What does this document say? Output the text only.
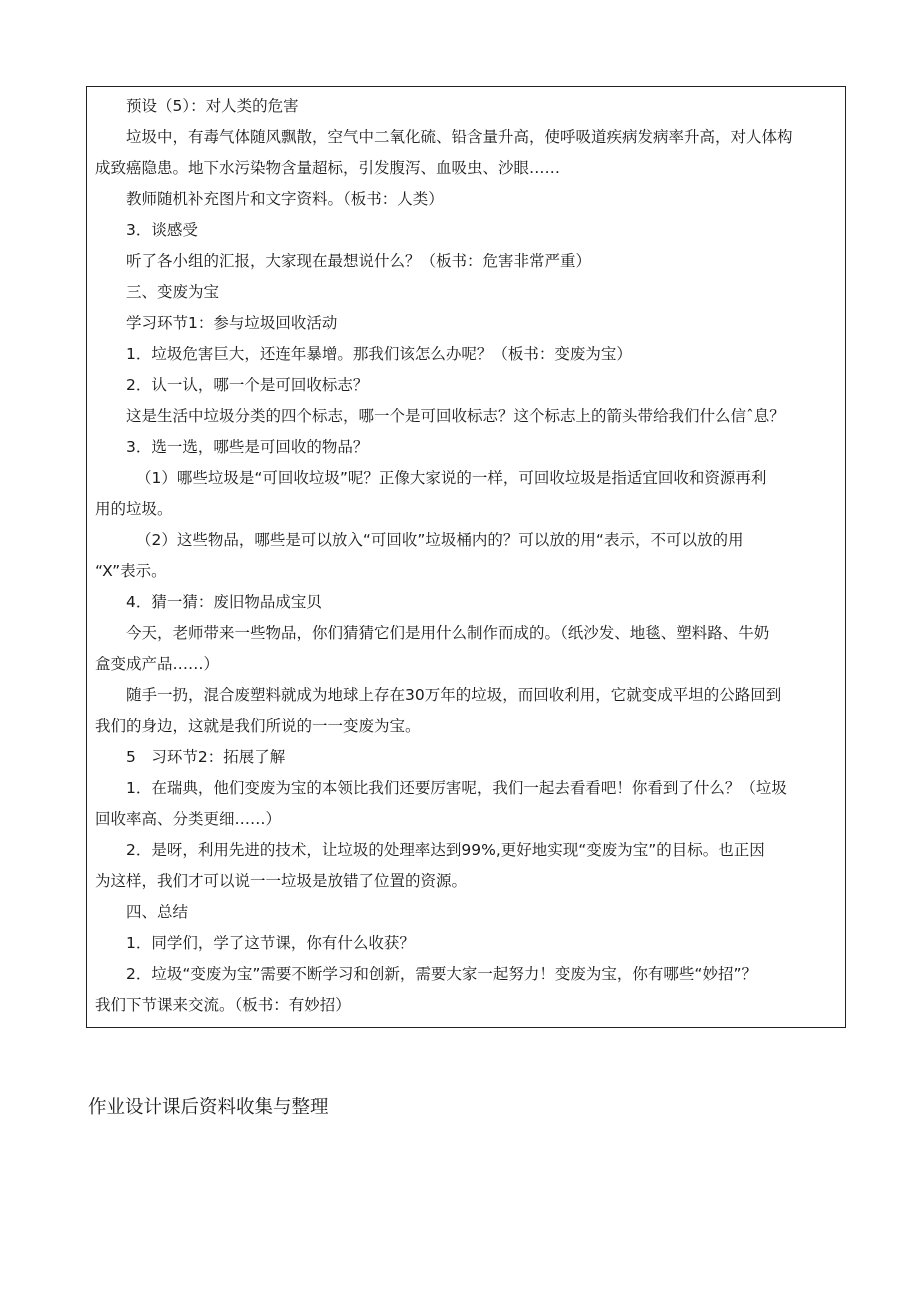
预设（5）：对人类的危害
垃圾中，有毒气体随风飘散，空气中二氧化硫、铅含量升高，使呼吸道疾病发病率升高，对人体构
成致癌隐患。地下水污染物含量超标，引发腹泻、血吸虫、沙眼……
教师随机补充图片和文字资料。（板书：人类）
3．谈感受
听了各小组的汇报，大家现在最想说什么？（板书：危害非常严重）
三、变废为宝
学习环节1：参与垃圾回收活动
1．垃圾危害巨大，还连年暴增。那我们该怎么办呢？（板书：变废为宝）
2．认一认，哪一个是可回收标志？
这是生活中垃圾分类的四个标志，哪一个是可回收标志？这个标志上的箭头带给我们什么信ˆ息？
3．选一选，哪些是可回收的物品？
（1）哪些垃圾是“可回收垃圾”呢？正像大家说的一样，可回收垃圾是指适宜回收和资源再利
用的垃圾。
（2）这些物品，哪些是可以放入“可回收”垃圾桶内的？可以放的用“表示，不可以放的用
“X”表示。
4．猜一猜：废旧物品成宝贝
今天，老师带来一些物品，你们猜猜它们是用什么制作而成的。（纸沙发、地毯、塑料路、牛奶
盒变成产品……）
随手一扔，混合废塑料就成为地球上存在30万年的垃圾，而回收利用，它就变成平坦的公路回到
我们的身边，这就是我们所说的一一变废为宝。
5　习环节2：拓展了解
1．在瑞典，他们变废为宝的本领比我们还要厉害呢，我们一起去看看吧！你看到了什么？（垃圾
回收率高、分类更细……）
2．是呀，利用先进的技术，让垃圾的处理率达到99%,更好地实现“变废为宝”的目标。也正因
为这样，我们才可以说一一垃圾是放错了位置的资源。
四、总结
1．同学们，学了这节课，你有什么收获？
2．垃圾“变废为宝”需要不断学习和创新，需要大家一起努力！变废为宝，你有哪些“妙招”？
我们下节课来交流。（板书：有妙招）
作业设计课后资料收集与整理
